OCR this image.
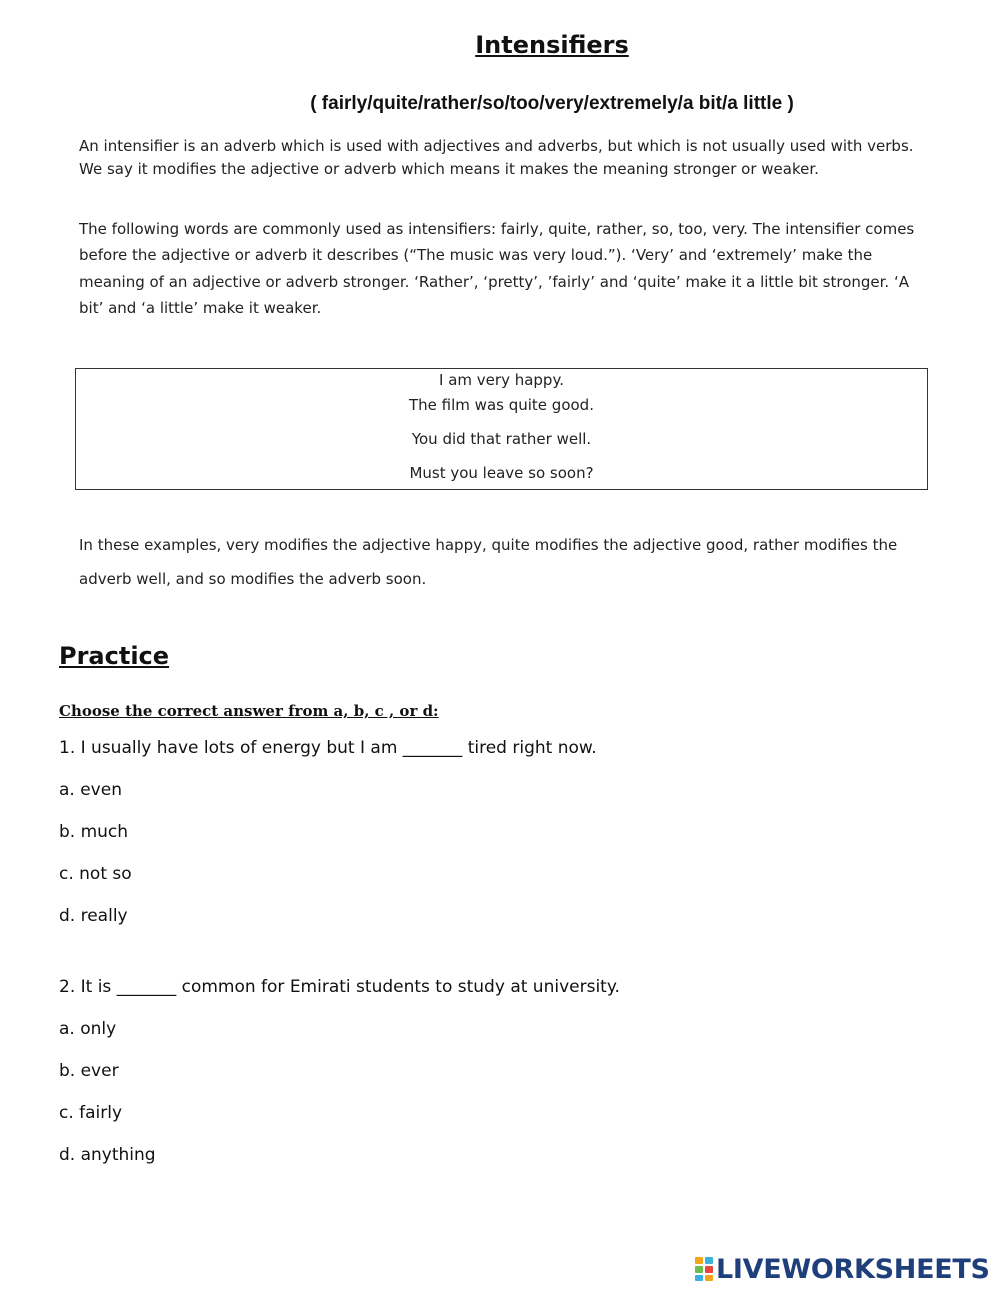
Intensifiers
( fairly/quite/rather/so/too/very/extremely/a bit/a little )
An intensifier is an adverb which is used with adjectives and adverbs, but which is not usually used with verbs. We say it modifies the adjective or adverb which means it makes the meaning stronger or weaker.
The following words are commonly used as intensifiers: fairly, quite, rather, so, too, very. The intensifier comes before the adjective or adverb it describes (“The music was very loud.”). ‘Very’ and ‘extremely’ make the meaning of an adjective or adverb stronger. ‘Rather’, ‘pretty’, ’fairly’ and ‘quite’ make it a little bit stronger. ‘A bit’ and ‘a little’ make it weaker.
I am very happy.
The film was quite good.
You did that rather well.
Must you leave so soon?
In these examples, very modifies the adjective happy, quite modifies the adjective good, rather modifies the adverb well, and so modifies the adverb soon.
Practice
Choose the correct answer from a, b, c , or d:
1. I usually have lots of energy but I am _______ tired right now.
a. even
b. much
c. not so
d. really
2. It is _______ common for Emirati students to study at university.
a. only
b. ever
c. fairly
d. anything
LIVEWORKSHEETS
